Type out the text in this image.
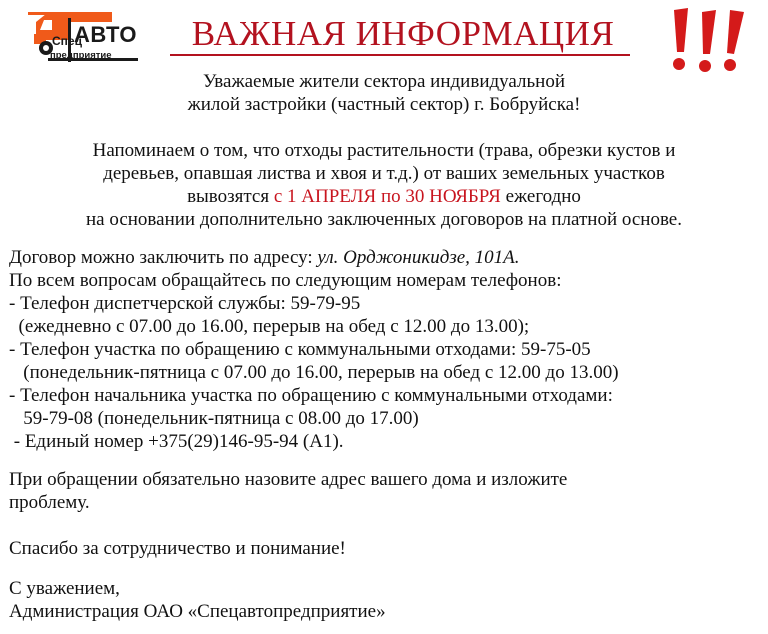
Спец
АВТО
предприятие
ВАЖНАЯ ИНФОРМАЦИЯ
Уважаемые жители сектора индивидуальной
жилой застройки (частный сектор) г. Бобруйска!
Напоминаем о том, что отходы растительности (трава, обрезки кустов и
деревьев, опавшая листва и хвоя и т.д.) от ваших земельных участков
вывозятся с 1 АПРЕЛЯ по 30 НОЯБРЯ ежегодно
на основании дополнительно заключенных договоров на платной основе.
Договор можно заключить по адресу: ул. Орджоникидзе, 101А.
По всем вопросам обращайтесь по следующим номерам телефонов:
- Телефон диспетчерской службы: 59-79-95
(ежедневно с 07.00 до 16.00, перерыв на обед с 12.00 до 13.00);
- Телефон участка по обращению с коммунальными отходами: 59-75-05
(понедельник-пятница с 07.00 до 16.00, перерыв на обед с 12.00 до 13.00)
- Телефон начальника участка по обращению с коммунальными отходами:
59-79-08 (понедельник-пятница с 08.00 до 17.00)
- Единый номер +375(29)146-95-94 (А1).
При обращении обязательно назовите адрес вашего дома и изложите
проблему.
Спасибо за сотрудничество и понимание!
С уважением,
Администрация ОАО «Спецавтопредприятие»
